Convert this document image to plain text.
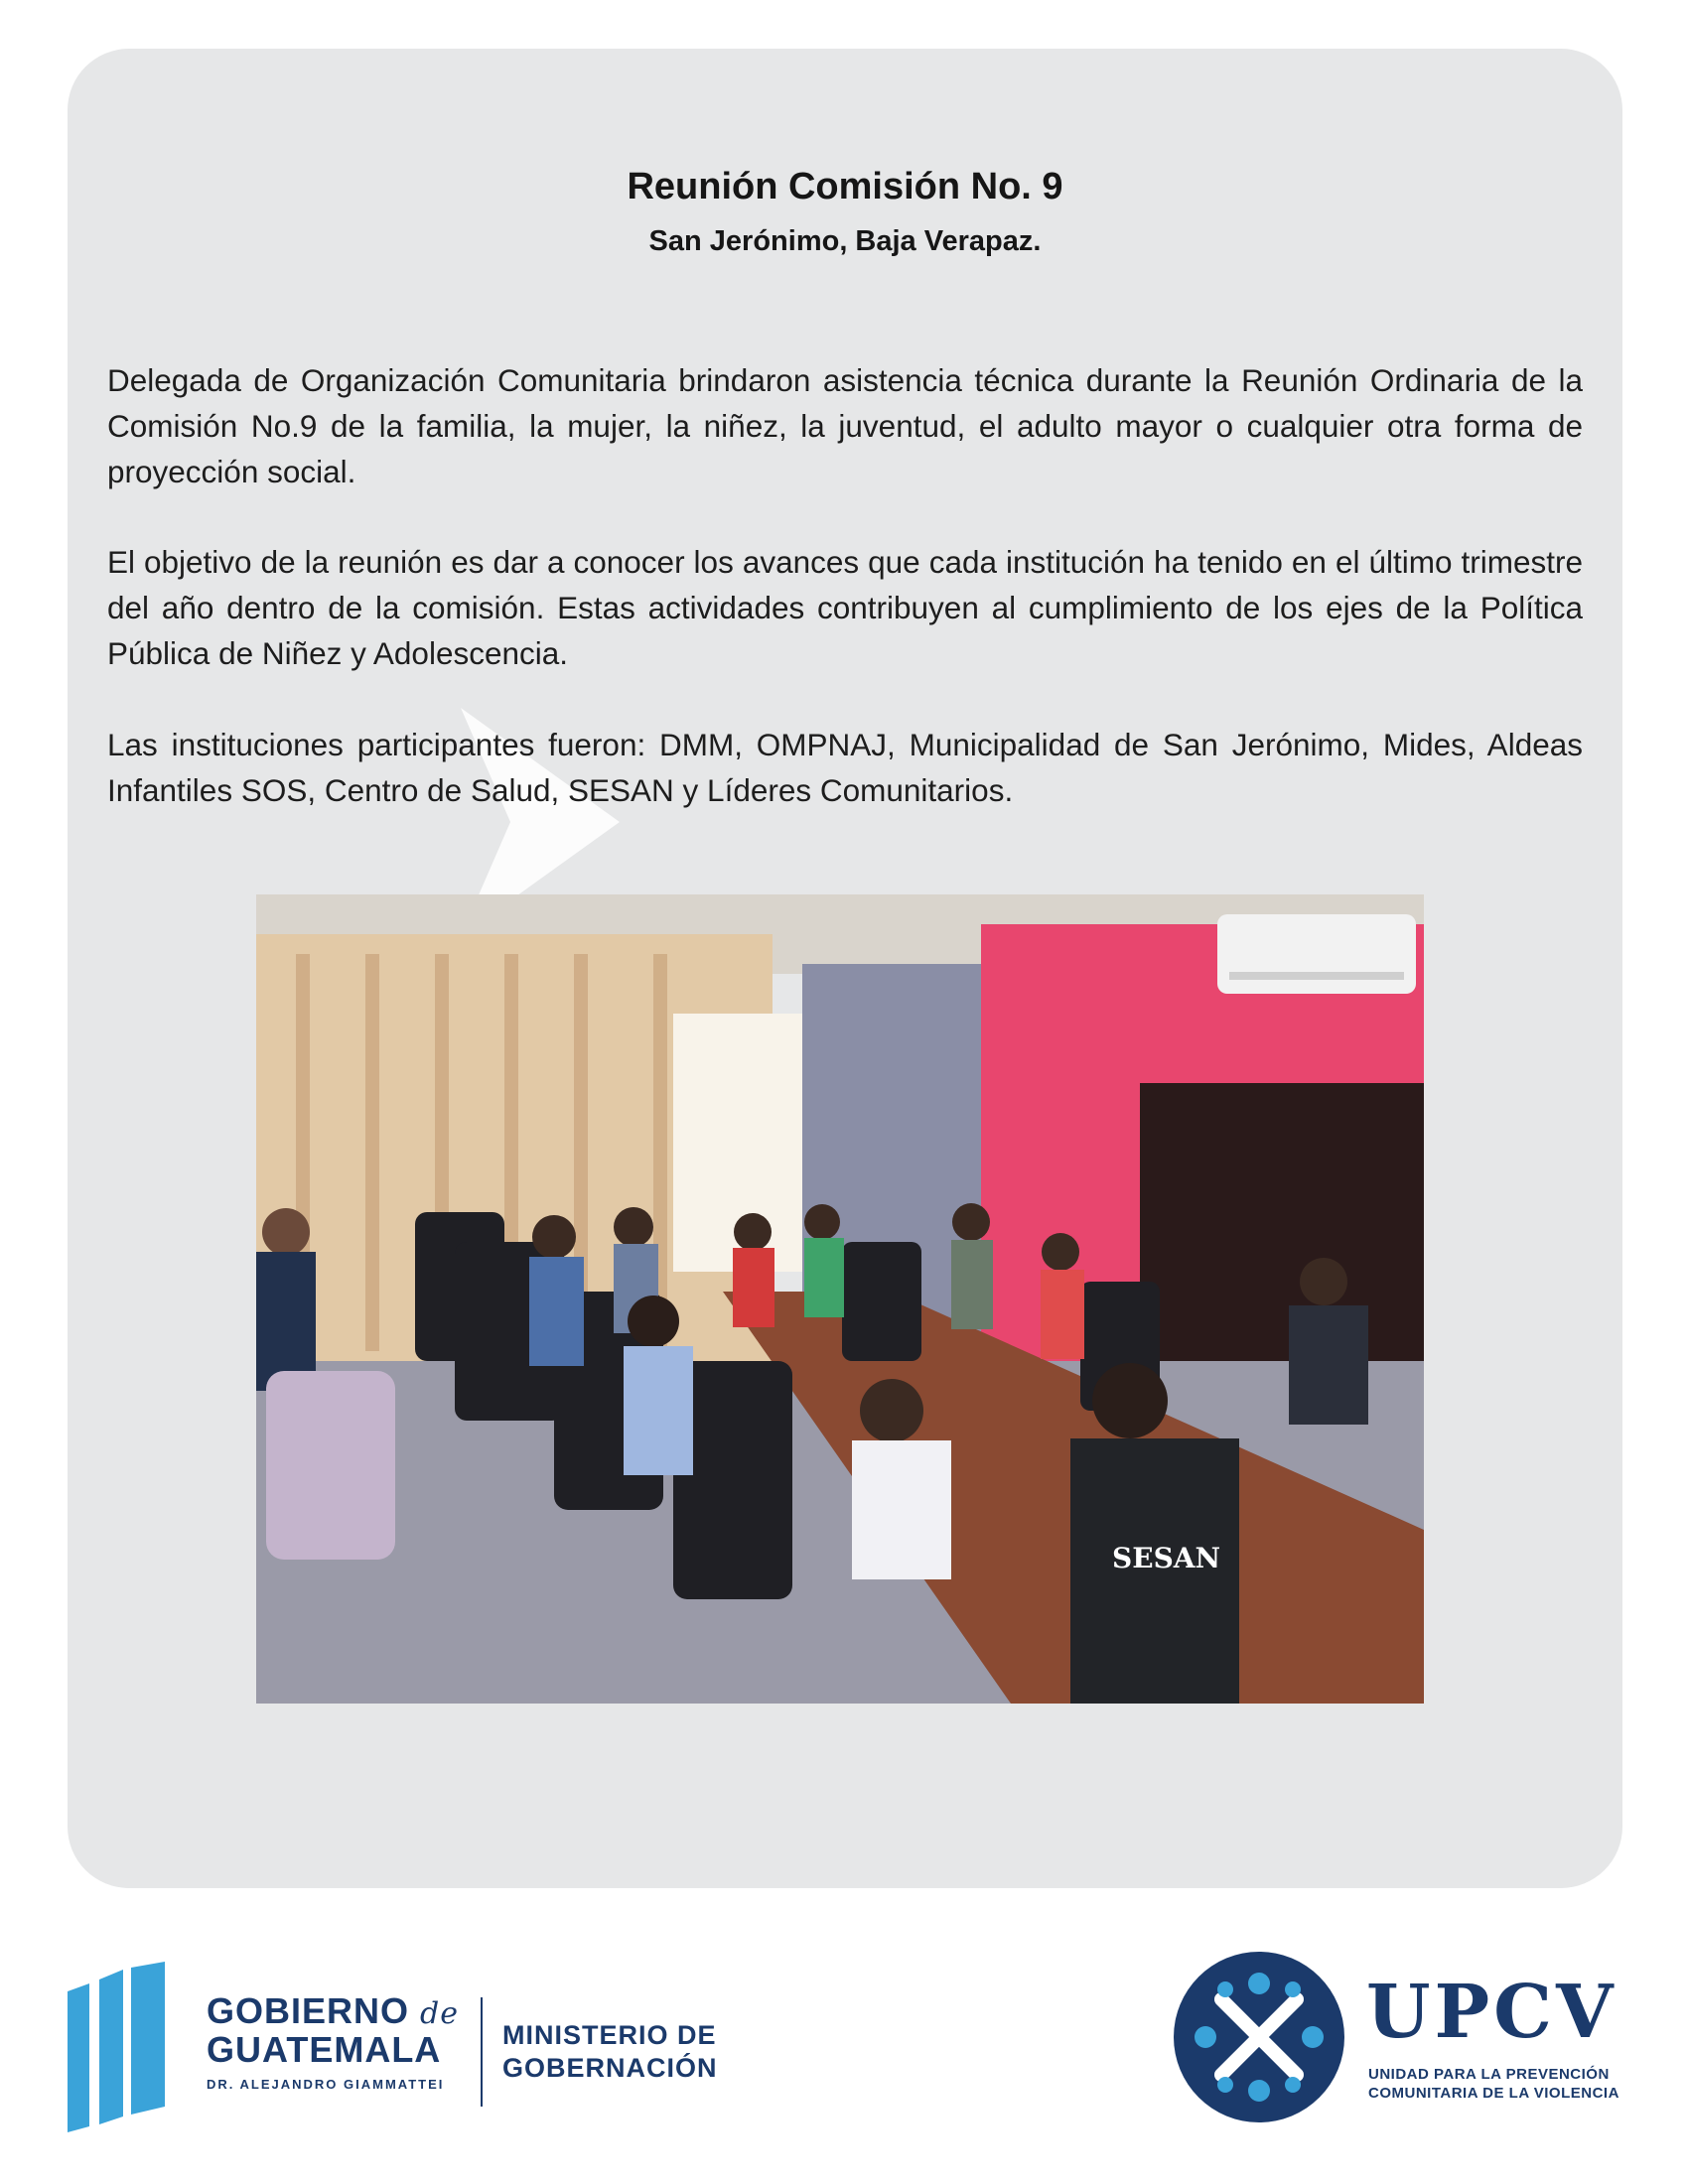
Reunión Comisión No. 9
San Jerónimo, Baja Verapaz.

Delegada de Organización Comunitaria brindaron asistencia técnica durante la Reunión Ordinaria de la Comisión No.9 de la familia, la mujer, la niñez, la juventud, el adulto mayor o cualquier otra forma de proyección social.

El objetivo de la reunión es dar a conocer los avances que cada institución ha tenido en el último trimestre del año dentro de la comisión. Estas actividades contribuyen al cumplimiento de los ejes de la Política Pública de Niñez y Adolescencia.

Las instituciones participantes fueron: DMM, OMPNAJ, Municipalidad de San Jerónimo, Mides, Aldeas Infantiles SOS, Centro de Salud, SESAN y Líderes Comunitarios.

SESAN
GOBIERNO de
GUATEMALA
DR. ALEJANDRO GIAMMATTEI
MINISTERIO DE
GOBERNACIÓN
UPCV
UNIDAD PARA LA PREVENCIÓN
COMUNITARIA DE LA VIOLENCIA
